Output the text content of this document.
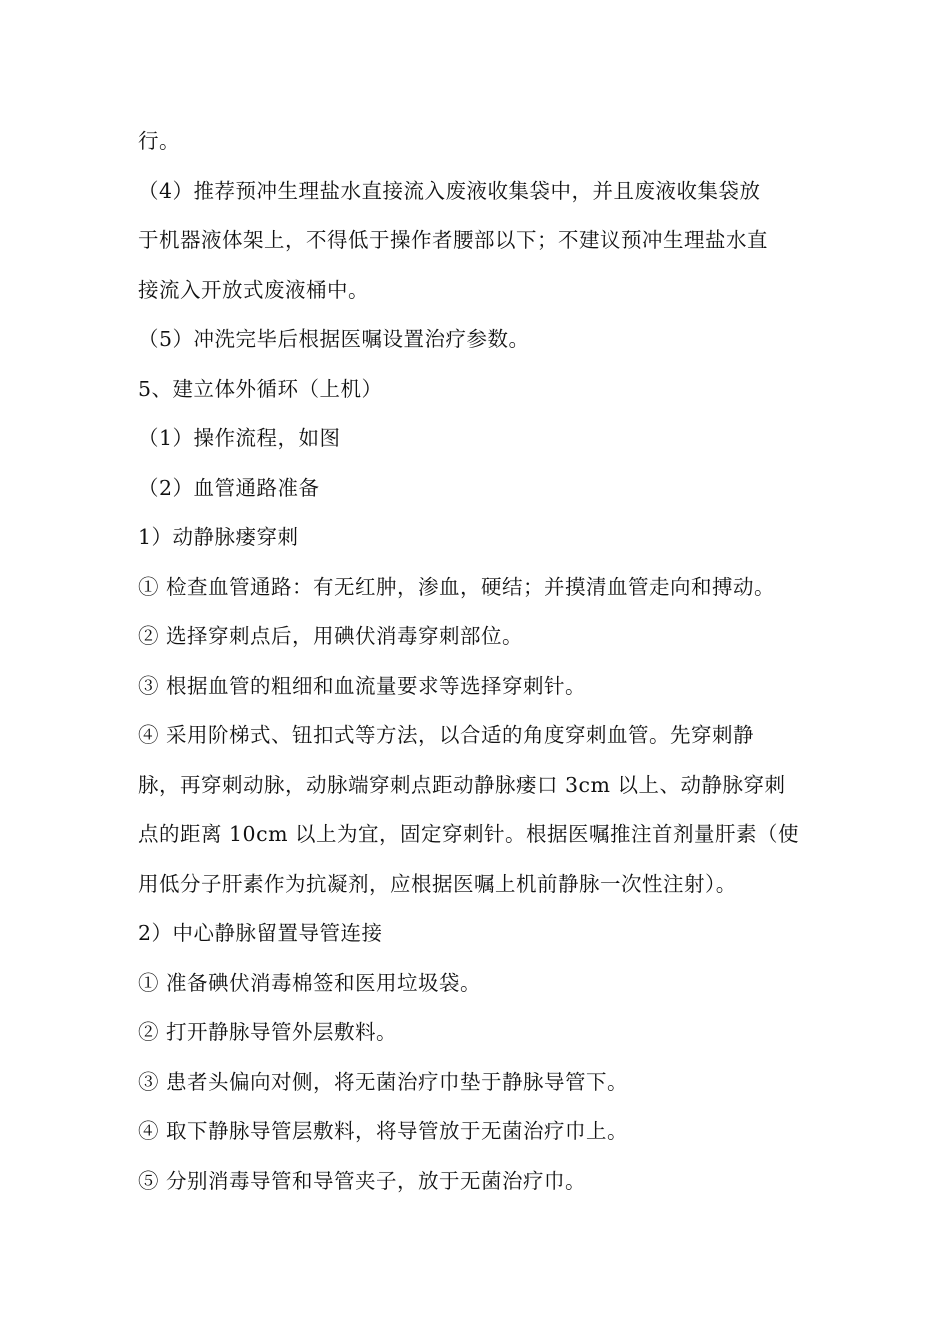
行。
（4）推荐预冲生理盐水直接流入废液收集袋中，并且废液收集袋放
于机器液体架上，不得低于操作者腰部以下；不建议预冲生理盐水直
接流入开放式废液桶中。
（5）冲洗完毕后根据医嘱设置治疗参数。
5、建立体外循环（上机）
（1）操作流程，如图
（2）血管通路准备
1）动静脉瘘穿刺
① 检查血管通路：有无红肿，渗血，硬结；并摸清血管走向和搏动。
② 选择穿刺点后，用碘伏消毒穿刺部位。
③ 根据血管的粗细和血流量要求等选择穿刺针。
④ 采用阶梯式、钮扣式等方法，以合适的角度穿刺血管。先穿刺静
脉，再穿刺动脉，动脉端穿刺点距动静脉瘘口 3cm 以上、动静脉穿刺
点的距离 10cm 以上为宜，固定穿刺针。根据医嘱推注首剂量肝素（使
用低分子肝素作为抗凝剂，应根据医嘱上机前静脉一次性注射）。
2）中心静脉留置导管连接
① 准备碘伏消毒棉签和医用垃圾袋。
② 打开静脉导管外层敷料。
③ 患者头偏向对侧，将无菌治疗巾垫于静脉导管下。
④ 取下静脉导管层敷料，将导管放于无菌治疗巾上。
⑤ 分别消毒导管和导管夹子，放于无菌治疗巾。
